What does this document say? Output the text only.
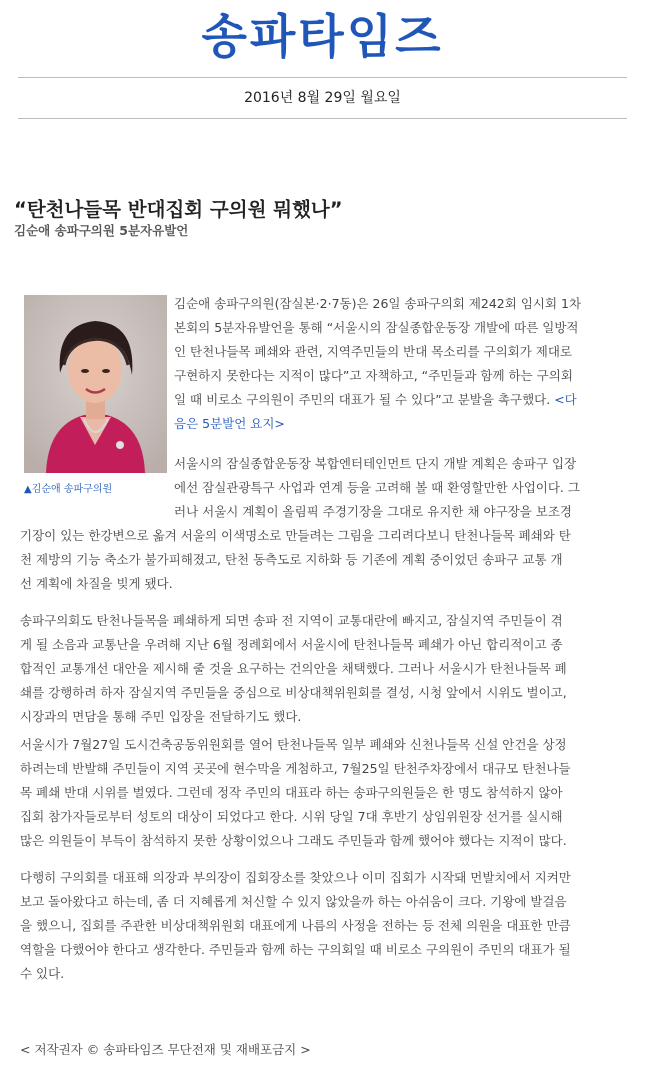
송파타임즈
2016년 8월 29일 월요일
“탄천나들목 반대집회 구의원 뭐했나”
김순애 송파구의원 5분자유발언
▲김순애 송파구의원
김순애 송파구의원(잠실본·2·7동)은 26일 송파구의회 제242회 임시회 1차
본회의 5분자유발언을 통해 “서울시의 잠실종합운동장 개발에 따른 일방적
인 탄천나들목 폐쇄와 관련, 지역주민들의 반대 목소리를 구의회가 제대로
구현하지 못한다는 지적이 많다”고 자책하고, “주민들과 함께 하는 구의회
일 때 비로소 구의원이 주민의 대표가 될 수 있다”고 분발을 촉구했다. <다
음은 5분발언 요지>
서울시의 잠실종합운동장 복합엔터테인먼트 단지 개발 계획은 송파구 입장
에선 잠실관광특구 사업과 연계 등을 고려해 볼 때 환영할만한 사업이다. 그
러나 서울시 계획이 올림픽 주경기장을 그대로 유지한 채 야구장을 보조경
기장이 있는 한강변으로 옮겨 서울의 이색명소로 만들려는 그림을 그리려다보니 탄천나들목 폐쇄와 탄
천 제방의 기능 축소가 불가피해졌고, 탄천 동측도로 지하화 등 기존에 계획 중이었던 송파구 교통 개
선 계획에 차질을 빚게 됐다.
송파구의회도 탄천나들목을 폐쇄하게 되면 송파 전 지역이 교통대란에 빠지고, 잠실지역 주민들이 겪
게 될 소음과 교통난을 우려해 지난 6월 정례회에서 서울시에 탄천나들목 폐쇄가 아닌 합리적이고 종
합적인 교통개선 대안을 제시해 줄 것을 요구하는 건의안을 채택했다. 그러나 서울시가 탄천나들목 폐
쇄를 강행하려 하자 잠실지역 주민들을 중심으로 비상대책위원회를 결성, 시청 앞에서 시위도 벌이고,
시장과의 면담을 통해 주민 입장을 전달하기도 했다.
서울시가 7월27일 도시건축공동위원회를 열어 탄천나들목 일부 폐쇄와 신천나들목 신설 안건을 상정
하려는데 반발해 주민들이 지역 곳곳에 현수막을 게첨하고, 7월25일 탄천주차장에서 대규모 탄천나들
목 폐쇄 반대 시위를 벌였다. 그런데 정작 주민의 대표라 하는 송파구의원들은 한 명도 참석하지 않아
집회 참가자들로부터 성토의 대상이 되었다고 한다. 시위 당일 7대 후반기 상임위원장 선거를 실시해
많은 의원들이 부득이 참석하지 못한 상황이었으나 그래도 주민들과 함께 했어야 했다는 지적이 많다.
다행히 구의회를 대표해 의장과 부의장이 집회장소를 찾았으나 이미 집회가 시작돼 먼발치에서 지켜만
보고 돌아왔다고 하는데, 좀 더 지혜롭게 처신할 수 있지 않았을까 하는 아쉬움이 크다. 기왕에 발걸음
을 했으니, 집회를 주관한 비상대책위원회 대표에게 나름의 사정을 전하는 등 전체 의원을 대표한 만큼
역할을 다했어야 한다고 생각한다. 주민들과 함께 하는 구의회일 때 비로소 구의원이 주민의 대표가 될
수 있다.
< 저작권자 © 송파타임즈 무단전재 및 재배포금지 >
